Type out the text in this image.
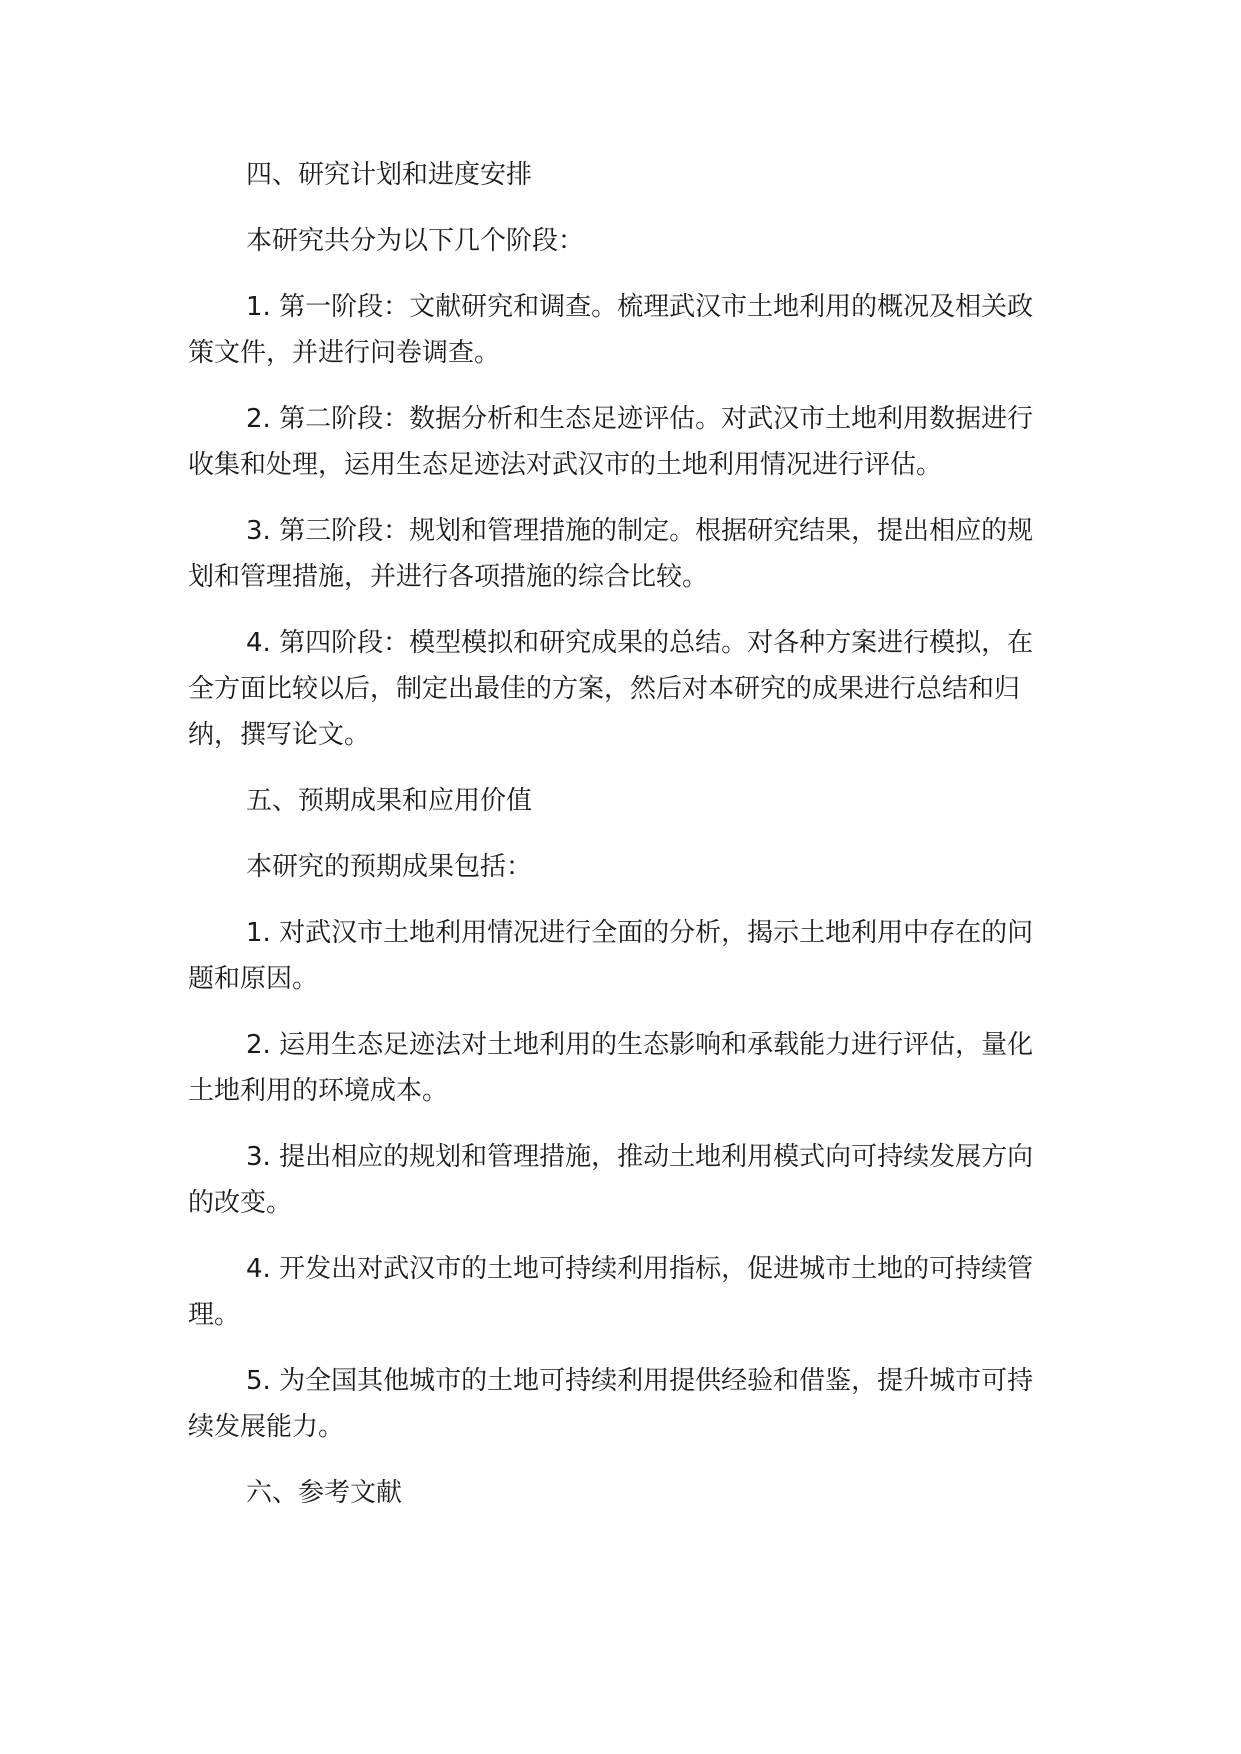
四、研究计划和进度安排

本研究共分为以下几个阶段：

1. 第一阶段：文献研究和调查。梳理武汉市土地利用的概况及相关政策文件，并进行问卷调查。

2. 第二阶段：数据分析和生态足迹评估。对武汉市土地利用数据进行收集和处理，运用生态足迹法对武汉市的土地利用情况进行评估。

3. 第三阶段：规划和管理措施的制定。根据研究结果，提出相应的规划和管理措施，并进行各项措施的综合比较。

4. 第四阶段：模型模拟和研究成果的总结。对各种方案进行模拟，在全方面比较以后，制定出最佳的方案，然后对本研究的成果进行总结和归纳，撰写论文。

五、预期成果和应用价值

本研究的预期成果包括：

1. 对武汉市土地利用情况进行全面的分析，揭示土地利用中存在的问题和原因。

2. 运用生态足迹法对土地利用的生态影响和承载能力进行评估，量化土地利用的环境成本。

3. 提出相应的规划和管理措施，推动土地利用模式向可持续发展方向的改变。

4. 开发出对武汉市的土地可持续利用指标，促进城市土地的可持续管理。

5. 为全国其他城市的土地可持续利用提供经验和借鉴，提升城市可持续发展能力。

六、参考文献
